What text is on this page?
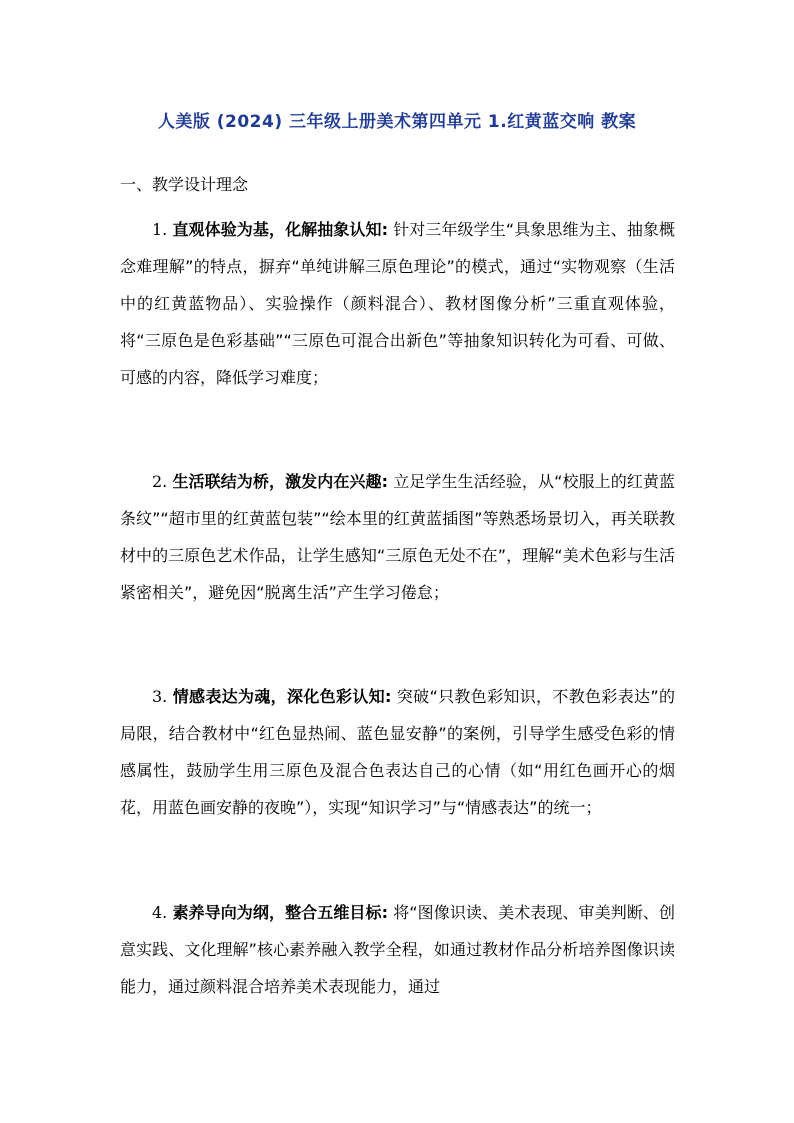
人美版 (2024) 三年级上册美术第四单元 1.红黄蓝交响 教案
一、教学设计理念

1. 直观体验为基，化解抽象认知: 针对三年级学生“具象思维为主、抽象概念难理解”的特点，摒弃“单纯讲解三原色理论”的模式，通过“实物观察（生活中的红黄蓝物品）、实验操作（颜料混合）、教材图像分析”三重直观体验，将“三原色是色彩基础”“三原色可混合出新色”等抽象知识转化为可看、可做、可感的内容，降低学习难度；

2. 生活联结为桥，激发内在兴趣: 立足学生生活经验，从“校服上的红黄蓝条纹”“超市里的红黄蓝包装”“绘本里的红黄蓝插图”等熟悉场景切入，再关联教材中的三原色艺术作品，让学生感知“三原色无处不在”，理解“美术色彩与生活紧密相关”，避免因“脱离生活”产生学习倦怠；

3. 情感表达为魂，深化色彩认知: 突破“只教色彩知识，不教色彩表达”的局限，结合教材中“红色显热闹、蓝色显安静”的案例，引导学生感受色彩的情感属性，鼓励学生用三原色及混合色表达自己的心情（如“用红色画开心的烟花，用蓝色画安静的夜晚”），实现“知识学习”与“情感表达”的统一；

4. 素养导向为纲，整合五维目标: 将“图像识读、美术表现、审美判断、创意实践、文化理解”核心素养融入教学全程，如通过教材作品分析培养图像识读能力，通过颜料混合培养美术表现能力，通过
